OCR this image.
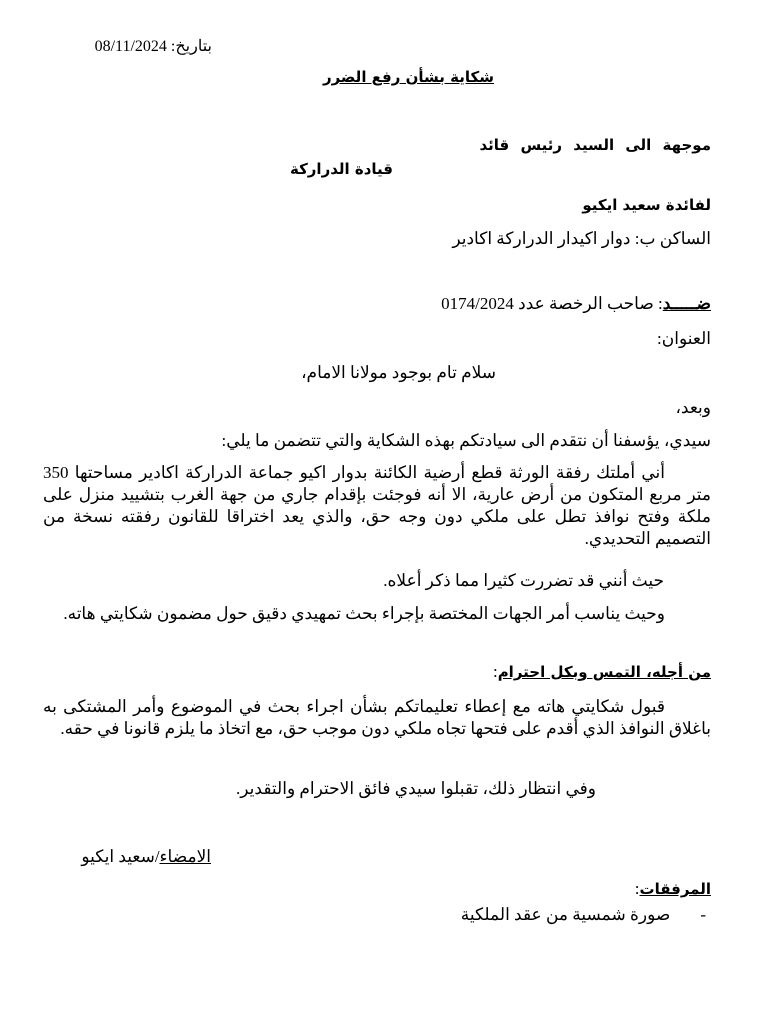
بتاريخ: 08/11/2024
شكاية بشأن رفع الضرر
موجهة الى السيد رئيس قائد
قيادة الدراركة
لفائدة سعيد ايكيو
الساكن ب: دوار اكيدار الدراركة اكادير
ضـــــد: صاحب الرخصة عدد 0174/2024
العنوان:
سلام تام بوجود مولانا الامام،
وبعد،
سيدي، يؤسفنا أن نتقدم الى سيادتكم بهذه الشكاية والتي تتضمن ما يلي:
أني أملتك رفقة الورثة قطع أرضية الكائنة بدوار اكيو جماعة الدراركة اكادير مساحتها 350 متر مربع المتكون من أرض عارية، الا أنه فوجئت بإقدام جاري من جهة الغرب بتشييد منزل على ملكة وفتح نوافذ تطل على ملكي دون وجه حق، والذي يعد اختراقا للقانون رفقته نسخة من التصميم التحديدي.
حيث أنني قد تضررت كثيرا مما ذكر أعلاه.
وحيث يناسب أمر الجهات المختصة بإجراء بحث تمهيدي دقيق حول مضمون شكايتي هاته.
من أجله، التمس وبكل احترام:
قبول شكايتي هاته مع إعطاء تعليماتكم بشأن اجراء بحث في الموضوع وأمر المشتكى به باغلاق النوافذ الذي أقدم على فتحها تجاه ملكي دون موجب حق، مع اتخاذ ما يلزم قانونا في حقه.
وفي انتظار ذلك، تقبلوا سيدي فائق الاحترام والتقدير.
الامضاء/سعيد ايكيو
المرفقات:
-صورة شمسية من عقد الملكية
